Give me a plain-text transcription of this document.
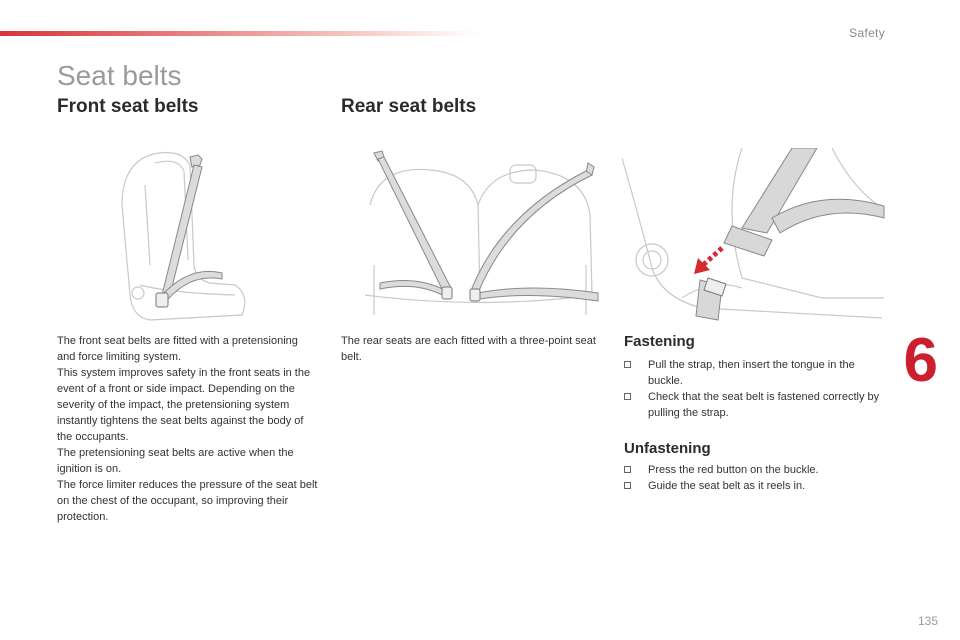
Safety
Seat belts
Front seat belts	Rear seat belts

The front seat belts are fitted with a pretensioning and force limiting system.

This system improves safety in the front seats in the event of a front or side impact. Depending on the severity of the impact, the pretensioning system instantly tightens the seat belts against the body of the occupants.

The pretensioning seat belts are active when the ignition is on.

The force limiter reduces the pressure of the seat belt on the chest of the occupant, so improving their protection.

The rear seats are each fitted with a three-point seat belt.

Fastening
Pull the strap, then insert the tongue in the buckle.
Check that the seat belt is fastened correctly by pulling the strap.
Unfastening
Press the red button on the buckle.
Guide the seat belt as it reels in.
6
135
